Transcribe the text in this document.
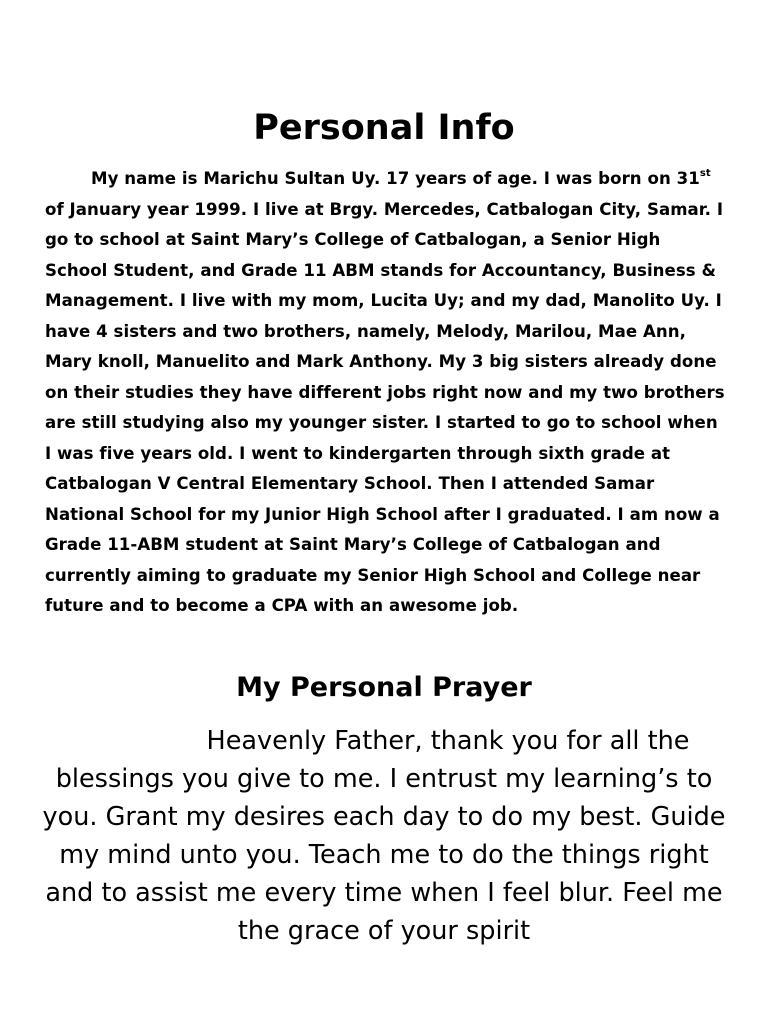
Personal Info

My name is Marichu Sultan Uy. 17 years of age. I was born on 31st of January year 1999. I live at Brgy. Mercedes, Catbalogan City, Samar. I go to school at Saint Mary’s College of Catbalogan, a Senior High School Student, and Grade 11 ABM stands for Accountancy, Business & Management. I live with my mom, Lucita Uy; and my dad, Manolito Uy. I have 4 sisters and two brothers, namely, Melody, Marilou, Mae Ann, Mary knoll, Manuelito and Mark Anthony. My 3 big sisters already done on their studies they have different jobs right now and my two brothers are still studying also my younger sister. I started to go to school when I was five years old. I went to kindergarten through sixth grade at Catbalogan V Central Elementary School. Then I attended Samar National School for my Junior High School after I graduated. I am now a Grade 11-ABM student at Saint Mary’s College of Catbalogan and currently aiming to graduate my Senior High School and College near future and to become a CPA with an awesome job.

My Personal Prayer

Heavenly Father, thank you for all the blessings you give to me. I entrust my learning’s to you. Grant my desires each day to do my best. Guide my mind unto you. Teach me to do the things right and to assist me every time when I feel blur. Feel me the grace of your spirit
